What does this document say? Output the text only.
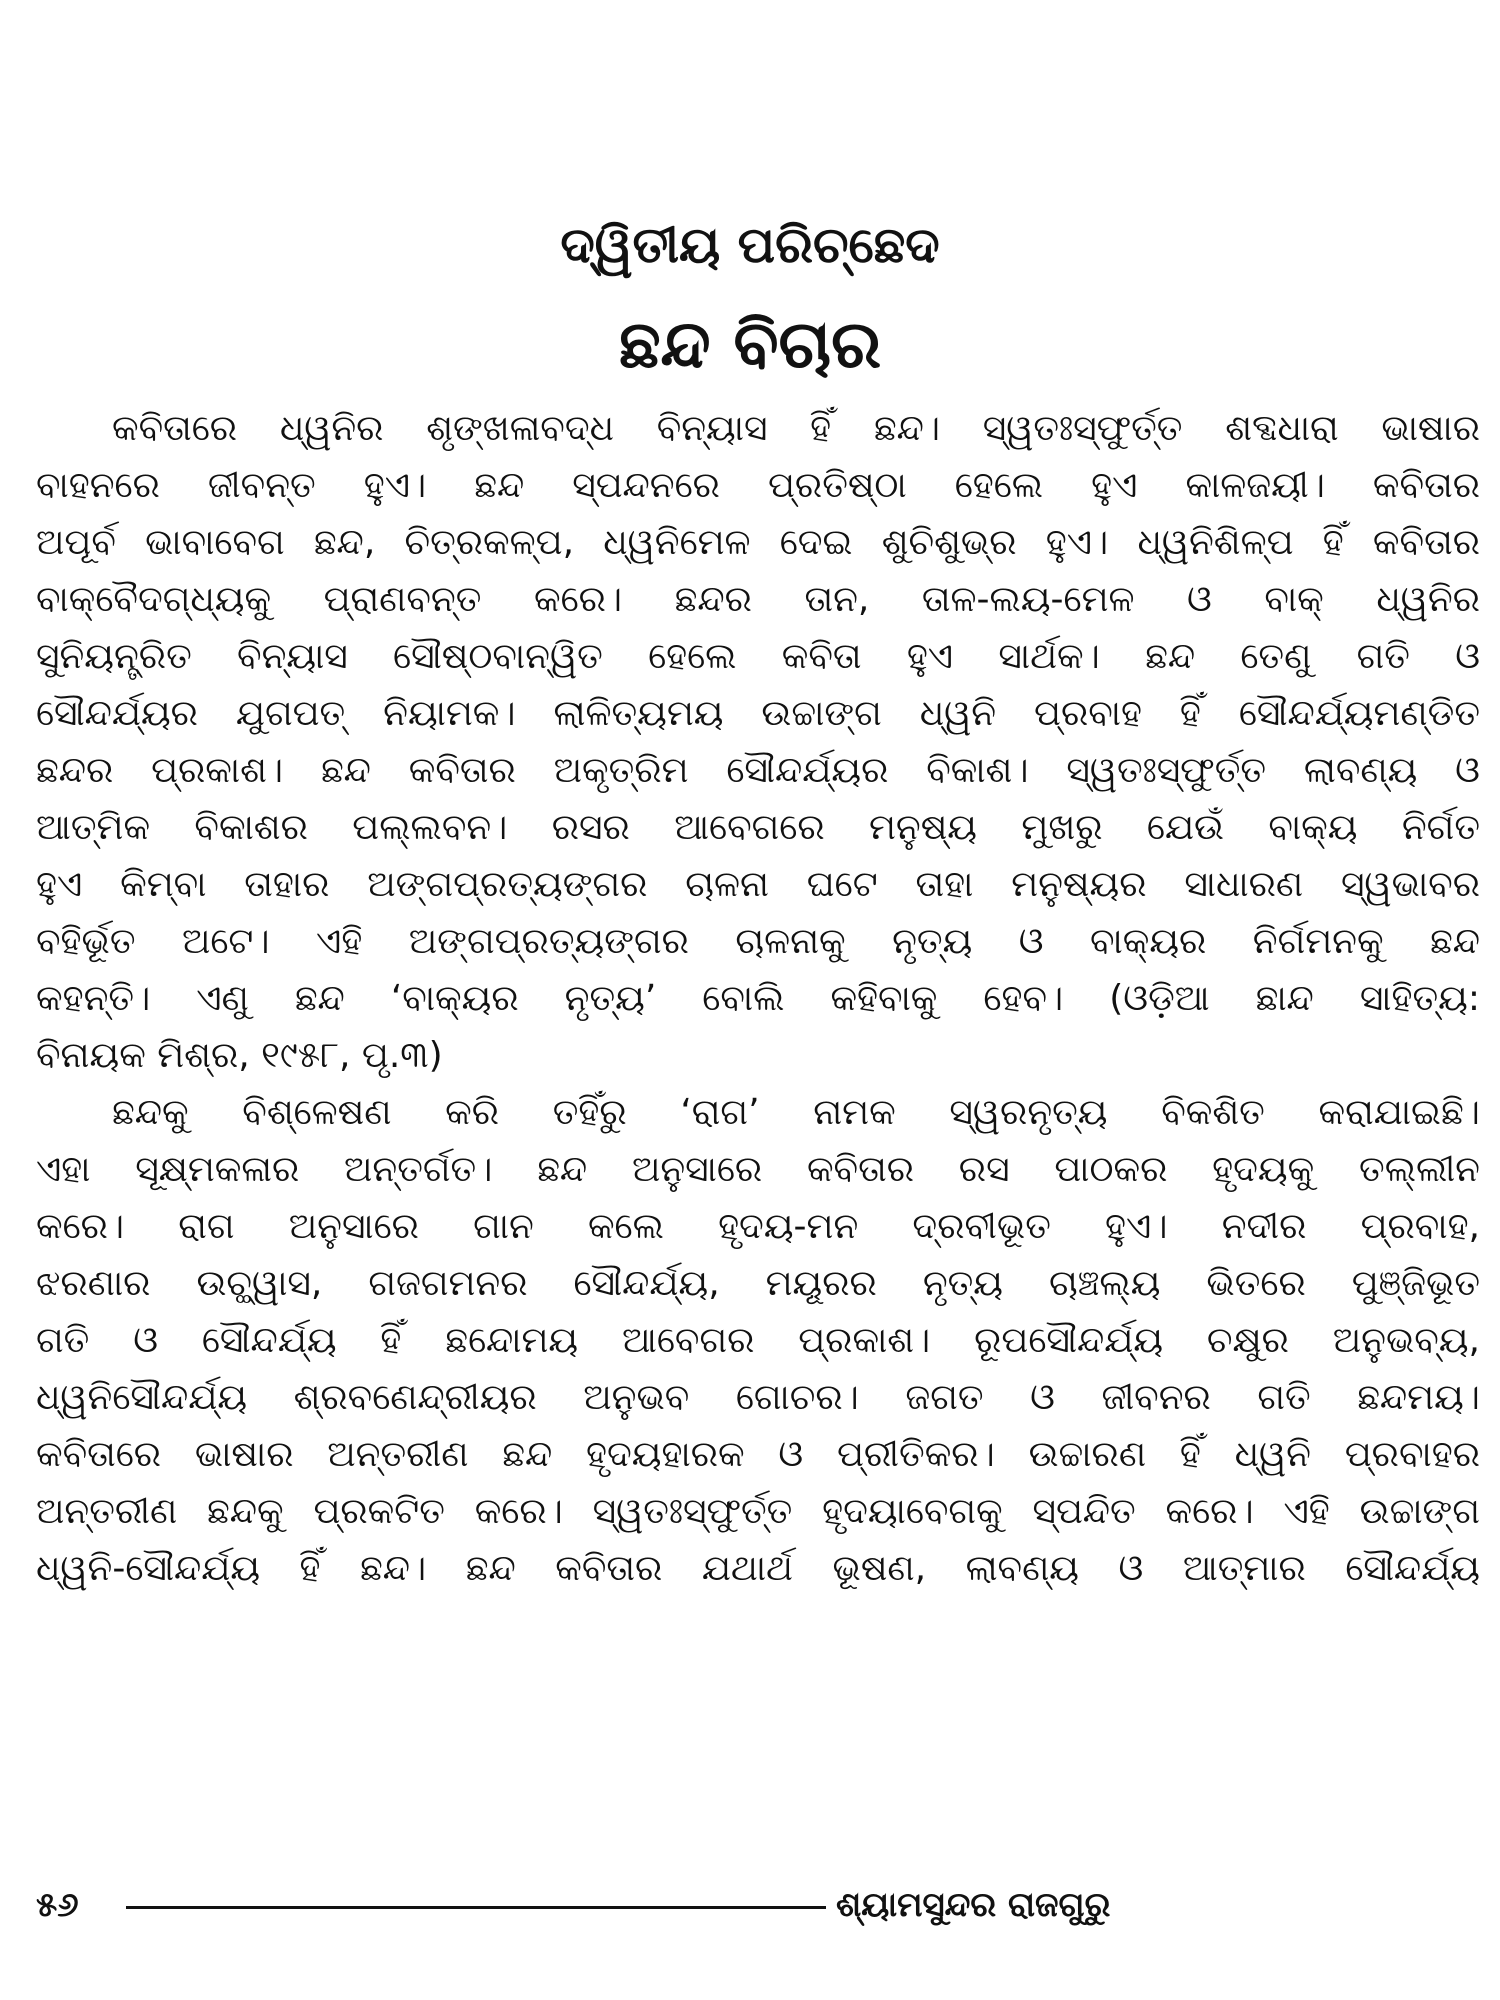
ଦ୍ୱିତୀୟ ପରିଚ୍ଛେଦ
ଛନ୍ଦ ବିଚାର
କବିତାରେ ଧ୍ୱନିର ଶୃଙ୍ଖଳାବଦ୍ଧ ବିନ୍ୟାସ ହିଁ ଛନ୍ଦ। ସ୍ୱତଃସ୍ଫୁର୍ତ୍ତ ଶବ୍ଦଧାରା ଭାଷାର
ବାହନରେ ଜୀବନ୍ତ ହୁଏ। ଛନ୍ଦ ସ୍ପନ୍ଦନରେ ପ୍ରତିଷ୍ଠା ହେଲେ ହୁଏ କାଳଜୟୀ। କବିତାର
ଅପୂର୍ବ ଭାବାବେଗ ଛନ୍ଦ, ଚିତ୍ରକଳ୍ପ, ଧ୍ୱନିମେଳ ଦେଇ ଶୁଚିଶୁଭ୍ର ହୁଏ। ଧ୍ୱନିଶିଳ୍ପ ହିଁ କବିତାର
ବାକ୍‌ବୈଦଗ୍ଧ୍ୟକୁ ପ୍ରାଣବନ୍ତ କରେ। ଛନ୍ଦର ତାନ, ତାଳ-ଲୟ-ମେଳ ଓ ବାକ୍ ଧ୍ୱନିର
ସୁନିୟନ୍ତ୍ରିତ ବିନ୍ୟାସ ସୌଷ୍ଠବାନ୍ୱିତ ହେଲେ କବିତା ହୁଏ ସାର୍ଥକ। ଛନ୍ଦ ତେଣୁ ଗତି ଓ
ସୌନ୍ଦର୍ଯ୍ୟର ଯୁଗପତ୍ ନିୟାମକ। ଲାଳିତ୍ୟମୟ ଉଚ୍ଚାଙ୍ଗ ଧ୍ୱନି ପ୍ରବାହ ହିଁ ସୌନ୍ଦର୍ଯ୍ୟମଣ୍ଡିତ
ଛନ୍ଦର ପ୍ରକାଶ। ଛନ୍ଦ କବିତାର ଅକୃତ୍ରିମ ସୌନ୍ଦର୍ଯ୍ୟର ବିକାଶ। ସ୍ୱତଃସ୍ଫୁର୍ତ୍ତ ଲାବଣ୍ୟ ଓ
ଆତ୍ମିକ ବିକାଶର ପଲ୍ଲବନ। ରସର ଆବେଗରେ ମନୁଷ୍ୟ ମୁଖରୁ ଯେଉଁ ବାକ୍ୟ ନିର୍ଗତ
ହୁଏ କିମ୍ବା ତାହାର ଅଙ୍ଗପ୍ରତ୍ୟଙ୍ଗର ଚାଳନା ଘଟେ ତାହା ମନୁଷ୍ୟର ସାଧାରଣ ସ୍ୱଭାବର
ବହିର୍ଭୂତ ଅଟେ। ଏହି ଅଙ୍ଗପ୍ରତ୍ୟଙ୍ଗର ଚାଳନାକୁ ନୃତ୍ୟ ଓ ବାକ୍ୟର ନିର୍ଗମନକୁ ଛନ୍ଦ
କହନ୍ତି। ଏଣୁ ଛନ୍ଦ ‘ବାକ୍ୟର ନୃତ୍ୟ’ ବୋଲି କହିବାକୁ ହେବ। (ଓଡ଼ିଆ ଛାନ୍ଦ ସାହିତ୍ୟ:
ବିନାୟକ ମିଶ୍ର, ୧୯୫୮, ପୃ.୩)
ଛନ୍ଦକୁ ବିଶ୍ଳେଷଣ କରି ତହିଁରୁ ‘ରାଗ’ ନାମକ ସ୍ୱରନୃତ୍ୟ ବିକଶିତ କରାଯାଇଛି।
ଏହା ସୂକ୍ଷ୍ମକଳାର ଅନ୍ତର୍ଗତ। ଛନ୍ଦ ଅନୁସାରେ କବିତାର ରସ ପାଠକର ହୃଦୟକୁ ତଲ୍ଲୀନ
କରେ। ରାଗ ଅନୁସାରେ ଗାନ କଲେ ହୃଦୟ-ମନ ଦ୍ରବୀଭୂତ ହୁଏ। ନଦୀର ପ୍ରବାହ,
ଝରଣାର ଉଚ୍ଛ୍ୱାସ, ଗଜଗମନର ସୌନ୍ଦର୍ଯ୍ୟ, ମୟୂରର ନୃତ୍ୟ ଚାଞ୍ଚଲ୍ୟ ଭିତରେ ପୁଞ୍ଜିଭୂତ
ଗତି ଓ ସୌନ୍ଦର୍ଯ୍ୟ ହିଁ ଛନ୍ଦୋମୟ ଆବେଗର ପ୍ରକାଶ। ରୂପସୌନ୍ଦର୍ଯ୍ୟ ଚକ୍ଷୁର ଅନୁଭବ୍ୟ,
ଧ୍ୱନିସୌନ୍ଦର୍ଯ୍ୟ ଶ୍ରବଣେନ୍ଦ୍ରୀୟର ଅନୁଭବ ଗୋଚର। ଜଗତ ଓ ଜୀବନର ଗତି ଛନ୍ଦମୟ।
କବିତାରେ ଭାଷାର ଅନ୍ତରୀଣ ଛନ୍ଦ ହୃଦୟହାରକ ଓ ପ୍ରୀତିକର। ଉଚ୍ଚାରଣ ହିଁ ଧ୍ୱନି ପ୍ରବାହର
ଅନ୍ତରୀଣ ଛନ୍ଦକୁ ପ୍ରକଟିତ କରେ। ସ୍ୱତଃସ୍ଫୁର୍ତ୍ତ ହୃଦୟାବେଗକୁ ସ୍ପନ୍ଦିତ କରେ। ଏହି ଉଚ୍ଚାଙ୍ଗ
ଧ୍ୱନି-ସୌନ୍ଦର୍ଯ୍ୟ ହିଁ ଛନ୍ଦ। ଛନ୍ଦ କବିତାର ଯଥାର୍ଥ ଭୂଷଣ, ଲାବଣ୍ୟ ଓ ଆତ୍ମାର ସୌନ୍ଦର୍ଯ୍ୟ
୫୬	ଶ୍ୟାମସୁନ୍ଦର ରାଜଗୁରୁ
